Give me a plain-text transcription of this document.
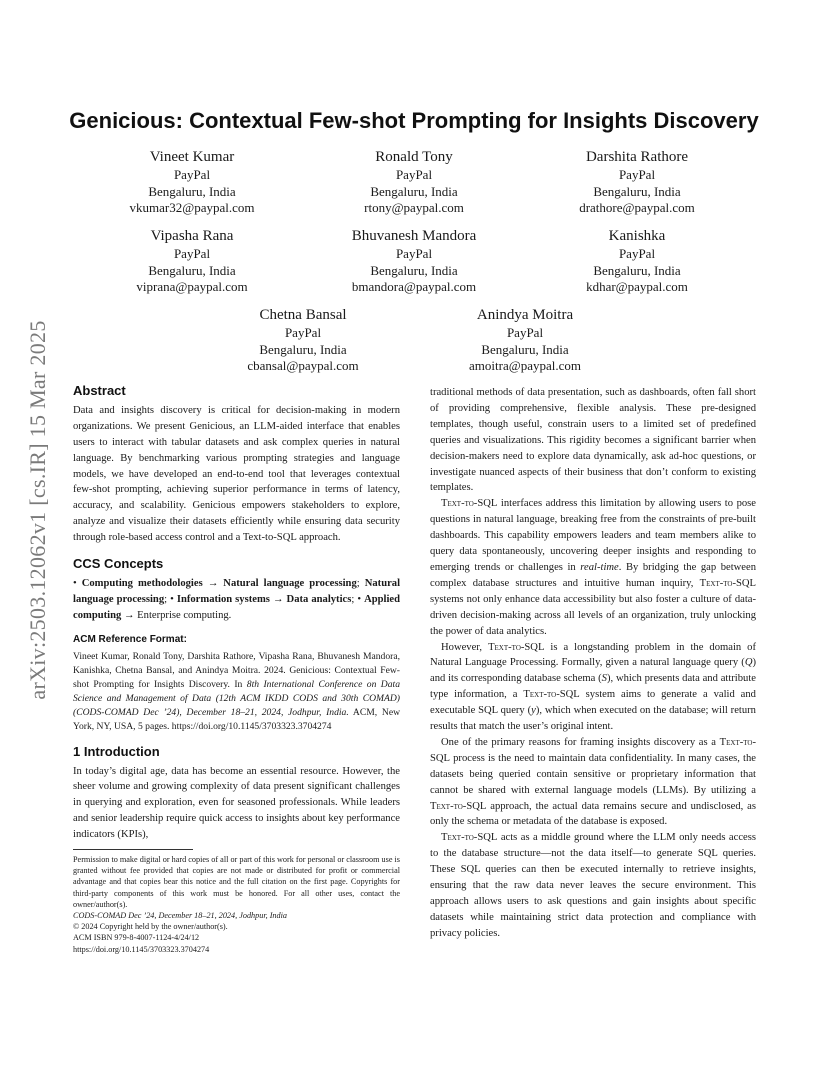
arXiv:2503.12062v1 [cs.IR] 15 Mar 2025
Genicious: Contextual Few-shot Prompting for Insights Discovery
Vineet Kumar
PayPal
Bengaluru, India
vkumar32@paypal.com
Ronald Tony
PayPal
Bengaluru, India
rtony@paypal.com
Darshita Rathore
PayPal
Bengaluru, India
drathore@paypal.com
Vipasha Rana
PayPal
Bengaluru, India
viprana@paypal.com
Bhuvanesh Mandora
PayPal
Bengaluru, India
bmandora@paypal.com
Kanishka
PayPal
Bengaluru, India
kdhar@paypal.com
Chetna Bansal
PayPal
Bengaluru, India
cbansal@paypal.com
Anindya Moitra
PayPal
Bengaluru, India
amoitra@paypal.com
Abstract

Data and insights discovery is critical for decision-making in modern organizations. We present Genicious, an LLM-aided interface that enables users to interact with tabular datasets and ask complex queries in natural language. By benchmarking various prompting strategies and language models, we have developed an end-to-end tool that leverages contextual few-shot prompting, achieving superior performance in terms of latency, accuracy, and scalability. Genicious empowers stakeholders to explore, analyze and visualize their datasets efficiently while ensuring data security through role-based access control and a Text-to-SQL approach.

CCS Concepts

• Computing methodologies → Natural language processing; Natural language processing; • Information systems → Data analytics; • Applied computing → Enterprise computing.

ACM Reference Format:

Vineet Kumar, Ronald Tony, Darshita Rathore, Vipasha Rana, Bhuvanesh Mandora, Kanishka, Chetna Bansal, and Anindya Moitra. 2024. Genicious: Contextual Few-shot Prompting for Insights Discovery. In 8th International Conference on Data Science and Management of Data (12th ACM IKDD CODS and 30th COMAD) (CODS-COMAD Dec ’24), December 18–21, 2024, Jodhpur, India. ACM, New York, NY, USA, 5 pages. https://doi.org/10.1145/3703323.3704274

1 Introduction

In today’s digital age, data has become an essential resource. However, the sheer volume and growing complexity of data present significant challenges in querying and exploration, even for seasoned professionals. While leaders and senior leadership require quick access to insights about key performance indicators (KPIs),

Permission to make digital or hard copies of all or part of this work for personal or classroom use is granted without fee provided that copies are not made or distributed for profit or commercial advantage and that copies bear this notice and the full citation on the first page. Copyrights for third-party components of this work must be honored. For all other uses, contact the owner/author(s).

CODS-COMAD Dec ’24, December 18–21, 2024, Jodhpur, India

© 2024 Copyright held by the owner/author(s).

ACM ISBN 979-8-4007-1124-4/24/12

https://doi.org/10.1145/3703323.3704274

traditional methods of data presentation, such as dashboards, often fall short of providing comprehensive, flexible analysis. These pre-designed templates, though useful, constrain users to a limited set of predefined queries and visualizations. This rigidity becomes a significant barrier when decision-makers need to explore data dynamically, ask ad-hoc questions, or investigate nuanced aspects of their business that don’t conform to existing templates.

Text-to-SQL interfaces address this limitation by allowing users to pose questions in natural language, breaking free from the constraints of pre-built dashboards. This capability empowers leaders and team members alike to query data spontaneously, uncovering deeper insights and responding to emerging trends or challenges in real-time. By bridging the gap between complex database structures and intuitive human inquiry, Text-to-SQL systems not only enhance data accessibility but also foster a culture of data-driven decision-making across all levels of an organization, truly unlocking the power of data analytics.

However, Text-to-SQL is a longstanding problem in the domain of Natural Language Processing. Formally, given a natural language query (Q) and its corresponding database schema (S), which presents data and attribute type information, a Text-to-SQL system aims to generate a valid and executable SQL query (y), which when executed on the database; will return results that match the user’s original intent.

One of the primary reasons for framing insights discovery as a Text-to-SQL process is the need to maintain data confidentiality. In many cases, the datasets being queried contain sensitive or proprietary information that cannot be shared with external language models (LLMs). By utilizing a Text-to-SQL approach, the actual data remains secure and undisclosed, as only the schema or metadata of the database is exposed.

Text-to-SQL acts as a middle ground where the LLM only needs access to the database structure—not the data itself—to generate SQL queries. These SQL queries can then be executed internally to retrieve insights, ensuring that the raw data never leaves the secure environment. This approach allows users to ask questions and gain insights about specific datasets while maintaining strict data protection and compliance with privacy policies.
